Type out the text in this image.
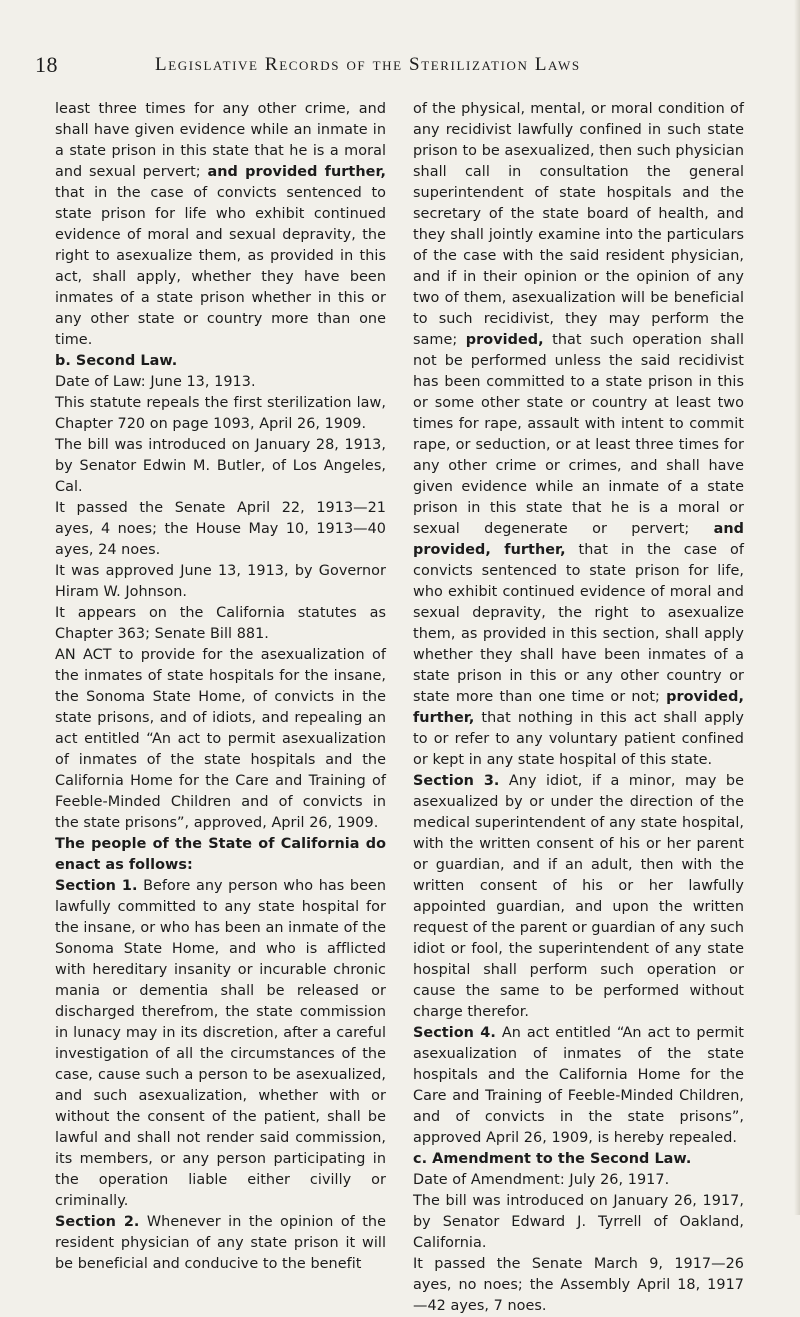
18	Legislative Records of the Sterilization Laws

least three times for any other crime, and shall have given evidence while an inmate in a state prison in this state that he is a moral and sexual pervert; and provided further, that in the case of convicts sentenced to state prison for life who exhibit continued evidence of moral and sexual depravity, the right to asexualize them, as provided in this act, shall apply, whether they have been inmates of a state prison whether in this or any other state or country more than one time.

b. Second Law.

Date of Law: June 13, 1913.

This statute repeals the first sterilization law, Chapter 720 on page 1093, April 26, 1909.

The bill was introduced on January 28, 1913, by Senator Edwin M. Butler, of Los Angeles, Cal.

It passed the Senate April 22, 1913—21 ayes, 4 noes; the House May 10, 1913—40 ayes, 24 noes.

It was approved June 13, 1913, by Governor Hiram W. Johnson.

It appears on the California statutes as Chapter 363; Senate Bill 881.

AN ACT to provide for the asexualization of the inmates of state hospitals for the insane, the Sonoma State Home, of convicts in the state prisons, and of idiots, and repealing an act entitled “An act to permit asexualization of inmates of the state hospitals and the California Home for the Care and Training of Feeble-Minded Children and of convicts in the state prisons”, approved, April 26, 1909.

The people of the State of California do enact as follows:

Section 1. Before any person who has been lawfully committed to any state hospital for the insane, or who has been an inmate of the Sonoma State Home, and who is afflicted with hereditary insanity or incurable chronic mania or dementia shall be released or discharged therefrom, the state commission in lunacy may in its discretion, after a careful investigation of all the circumstances of the case, cause such a person to be asexualized, and such asexualization, whether with or without the consent of the patient, shall be lawful and shall not render said commission, its members, or any person participating in the operation liable either civilly or criminally.

Section 2. Whenever in the opinion of the resident physician of any state prison it will be beneficial and conducive to the benefit

of the physical, mental, or moral condition of any recidivist lawfully confined in such state prison to be asexualized, then such physician shall call in consultation the general superintendent of state hospitals and the secretary of the state board of health, and they shall jointly examine into the particulars of the case with the said resident physician, and if in their opinion or the opinion of any two of them, asexualization will be beneficial to such recidivist, they may perform the same; provided, that such operation shall not be performed unless the said recidivist has been committed to a state prison in this or some other state or country at least two times for rape, assault with intent to commit rape, or seduction, or at least three times for any other crime or crimes, and shall have given evidence while an inmate of a state prison in this state that he is a moral or sexual degenerate or pervert; and provided, further, that in the case of convicts sentenced to state prison for life, who exhibit continued evidence of moral and sexual depravity, the right to asexualize them, as provided in this section, shall apply whether they shall have been inmates of a state prison in this or any other country or state more than one time or not; provided, further, that nothing in this act shall apply to or refer to any voluntary patient confined or kept in any state hospital of this state.

Section 3. Any idiot, if a minor, may be asexualized by or under the direction of the medical superintendent of any state hospital, with the written consent of his or her parent or guardian, and if an adult, then with the written consent of his or her lawfully appointed guardian, and upon the written request of the parent or guardian of any such idiot or fool, the superintendent of any state hospital shall perform such operation or cause the same to be performed without charge therefor.

Section 4. An act entitled “An act to permit asexualization of inmates of the state hospitals and the California Home for the Care and Training of Feeble-Minded Children, and of convicts in the state prisons”, approved April 26, 1909, is hereby repealed.

c. Amendment to the Second Law.

Date of Amendment: July 26, 1917.

The bill was introduced on January 26, 1917, by Senator Edward J. Tyrrell of Oakland, California.

It passed the Senate March 9, 1917—26 ayes, no noes; the Assembly April 18, 1917 —42 ayes, 7 noes.
